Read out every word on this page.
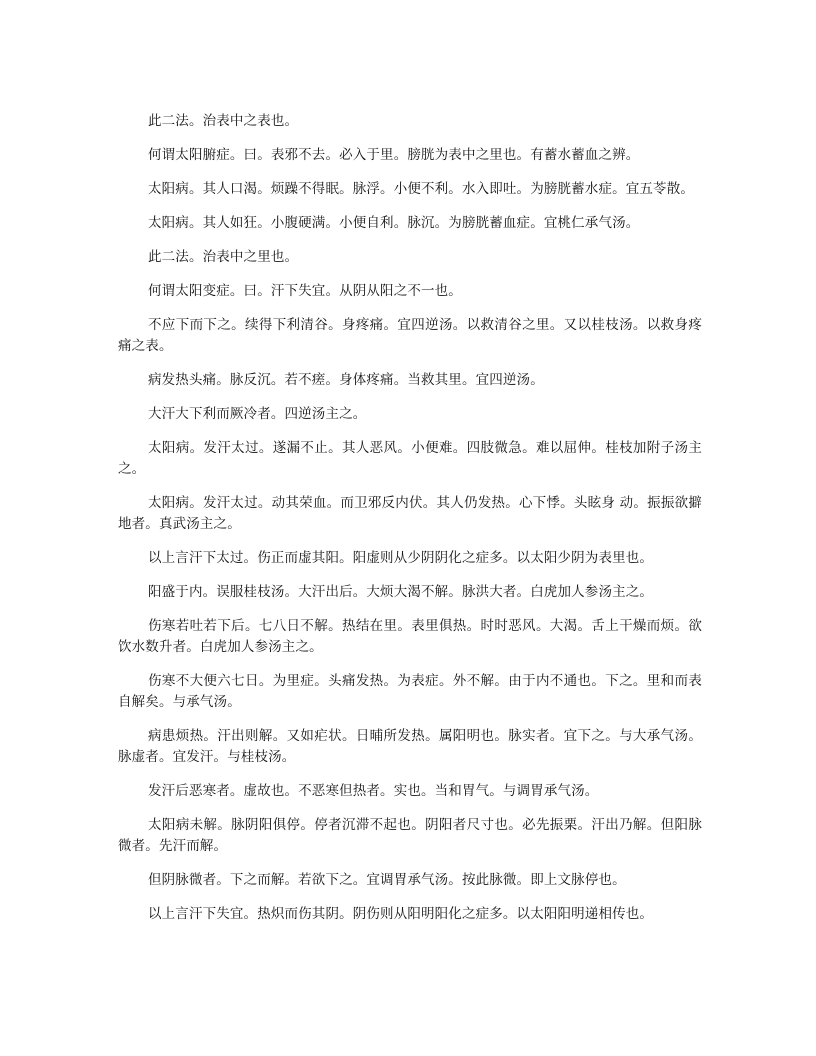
此二法。治表中之表也。

何谓太阳腑症。曰。表邪不去。必入于里。膀胱为表中之里也。有蓄水蓄血之辨。

太阳病。其人口渴。烦躁不得眠。脉浮。小便不利。水入即吐。为膀胱蓄水症。宜五苓散。

太阳病。其人如狂。小腹硬满。小便自利。脉沉。为膀胱蓄血症。宜桃仁承气汤。

此二法。治表中之里也。

何谓太阳变症。曰。汗下失宜。从阴从阳之不一也。

不应下而下之。续得下利清谷。身疼痛。宜四逆汤。以救清谷之里。又以桂枝汤。以救身疼痛之表。

病发热头痛。脉反沉。若不瘥。身体疼痛。当救其里。宜四逆汤。

大汗大下利而厥冷者。四逆汤主之。

太阳病。发汗太过。遂漏不止。其人恶风。小便难。四肢微急。难以屈伸。桂枝加附子汤主之。

太阳病。发汗太过。动其荣血。而卫邪反内伏。其人仍发热。心下悸。头眩身 动。振振欲擗地者。真武汤主之。

以上言汗下太过。伤正而虚其阳。阳虚则从少阴阴化之症多。以太阳少阴为表里也。

阳盛于内。误服桂枝汤。大汗出后。大烦大渴不解。脉洪大者。白虎加人参汤主之。

伤寒若吐若下后。七八日不解。热结在里。表里俱热。时时恶风。大渴。舌上干燥而烦。欲饮水数升者。白虎加人参汤主之。

伤寒不大便六七日。为里症。头痛发热。为表症。外不解。由于内不通也。下之。里和而表自解矣。与承气汤。

病患烦热。汗出则解。又如疟状。日晡所发热。属阳明也。脉实者。宜下之。与大承气汤。脉虚者。宜发汗。与桂枝汤。

发汗后恶寒者。虚故也。不恶寒但热者。实也。当和胃气。与调胃承气汤。

太阳病未解。脉阴阳俱停。停者沉滞不起也。阴阳者尺寸也。必先振栗。汗出乃解。但阳脉微者。先汗而解。

但阴脉微者。下之而解。若欲下之。宜调胃承气汤。按此脉微。即上文脉停也。

以上言汗下失宜。热炽而伤其阴。阴伤则从阳明阳化之症多。以太阳阳明递相传也。
